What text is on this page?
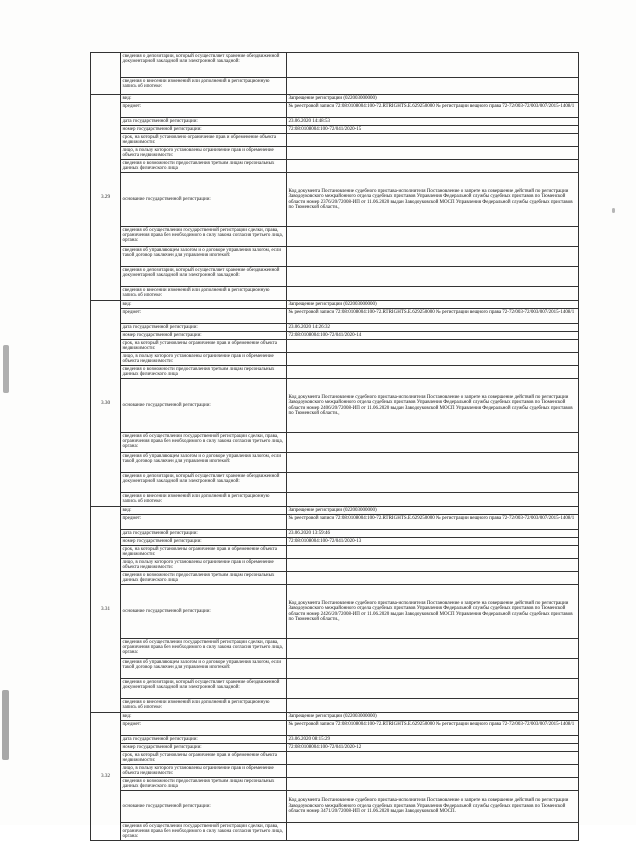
	сведения о депозитарии, который осуществляет хранение обездвиженной документарной закладной или электронной закладной:	
	сведения о внесении изменений или дополнений в регистрационную запись об ипотеке:	
3.29	вид:	Запрещение регистрации (022003000000)
	предмет:	№ реестровой записи 72:08:0108004:100-72.RTRIGHTS.E.629250000 № регистрации вещного права 72-72/003-72/003/007/2015-1408/1
	дата государственной регистрации:	23.06.2020 14:48:53
	номер государственной регистрации:	72:08:0108004:100-72/041/2020-15
	срок, на который установлено ограничение прав и обременение объекта недвижимости:	
	лицо, в пользу которого установлены ограничение прав и обременение объекта недвижимости:	
	сведения о возможности предоставления третьим лицам персональных данных физического лица	
	основание государственной регистрации:	Код документа Постановление судебного пристава-исполнителя Постановление о запрете на совершение действий по регистрации Заводоуковского межрайонного отдела судебных приставов Управления Федеральной службы судебных приставов по Тюменской области номер 2376/20/72008-ИП от 11.06.2020 выдан Заводоуковской МОСП Управления Федеральной службы судебных приставов по Тюменской области.,
	сведения об осуществлении государственной регистрации сделки, права, ограничения права без необходимого в силу закона согласия третьего лица, органа:	
	сведения об управляющем залогом и о договоре управления залогом, если такой договор заключен для управления ипотекой:	
	сведения о депозитарии, который осуществляет хранение обездвиженной документарной закладной или электронной закладной:	
	сведения о внесении изменений или дополнений в регистрационную запись об ипотеке:	
3.30	вид:	Запрещение регистрации (022003000000)
	предмет:	№ реестровой записи 72:08:0108004:100-72.RTRIGHTS.E.629250000 № регистрации вещного права 72-72/003-72/003/007/2015-1408/1
	дата государственной регистрации:	23.06.2020 14:26:32
	номер государственной регистрации:	72:08:0108004:100-72/041/2020-14
	срок, на который установлены ограничение прав и обременение объекта недвижимости:	
	лицо, в пользу которого установлены ограничение прав и обременение объекта недвижимости:	
	сведения о возможности предоставления третьим лицам персональных данных физического лица	
	основание государственной регистрации:	Код документа Постановление судебного пристава-исполнителя Постановление о запрете на совершение действий по регистрации Заводоуковского межрайонного отдела судебных приставов Управления Федеральной службы судебных приставов по Тюменской области номер 2406/20/72008-ИП от 11.06.2020 выдан Заводоуковской МОСП Управления Федеральной службы судебных приставов по Тюменской области.,
	сведения об осуществлении государственной регистрации сделки, права, ограничения права без необходимого в силу закона согласия третьего лица, органа:	
	сведения об управляющем залогом и о договоре управления залогом, если такой договор заключен для управления ипотекой:	
	сведения о депозитарии, который осуществляет хранение обездвиженной документарной закладной или электронной закладной:	
	сведения о внесении изменений или дополнений в регистрационную запись об ипотеке:	
3.31	вид:	Запрещение регистрации (022003000000)
	предмет:	№ реестровой записи 72:08:0108004:100-72.RTRIGHTS.E.629250000 № регистрации вещного права 72-72/003-72/003/007/2015-1408/1
	дата государственной регистрации:	23.06.2020 13:59:46
	номер государственной регистрации:	72:08:0108004:100-72/041/2020-13
	срок, на который установлены ограничение прав и обременение объекта недвижимости:	
	лицо, в пользу которого установлены ограничение прав и обременение объекта недвижимости:	
	сведения о возможности предоставления третьим лицам персональных данных физического лица	
	основание государственной регистрации:	Код документа Постановление судебного пристава-исполнителя Постановление о запрете на совершение действий по регистрации Заводоуковского межрайонного отдела судебных приставов Управления Федеральной службы судебных приставов по Тюменской области номер 2426/20/72008-ИП от 11.06.2020 выдан Заводоуковской МОСП Управления Федеральной службы судебных приставов по Тюменской области.,
	сведения об осуществлении государственной регистрации сделки, права, ограничения права без необходимого в силу закона согласия третьего лица, органа:	
	сведения об управляющем залогом и о договоре управления залогом, если такой договор заключен для управления ипотекой:	
	сведения о депозитарии, который осуществляет хранение обездвиженной документарной закладной или электронной закладной:	
	сведения о внесении изменений или дополнений в регистрационную запись об ипотеке:	
3.32	вид:	Запрещение регистрации (022003000000)
	предмет:	№ реестровой записи 72:08:0108004:100-72.RTRIGHTS.E.629250000 № регистрации вещного права 72-72/003-72/003/007/2015-1408/1
	дата государственной регистрации:	23.06.2020 08:15:29
	номер государственной регистрации:	72:08:0108004:100-72/041/2020-12
	срок, на который установлены ограничение прав и обременение объекта недвижимости:	
	лицо, в пользу которого установлены ограничение прав и обременение объекта недвижимости:	
	сведения о возможности предоставления третьим лицам персональных данных физического лица	
	основание государственной регистрации:	Код документа Постановление судебного пристава-исполнителя Постановление о запрете на совершение действий по регистрации Заводоуковского межрайонного отдела судебных приставов Управления Федеральной службы судебных приставов по Тюменской области номер 3471/20/72008-ИП от 11.06.2020 выдан Заводоуковской МОСП.
	сведения об осуществлении государственной регистрации сделки, права, ограничения права без необходимого в силу закона согласия третьего лица, органа:	
